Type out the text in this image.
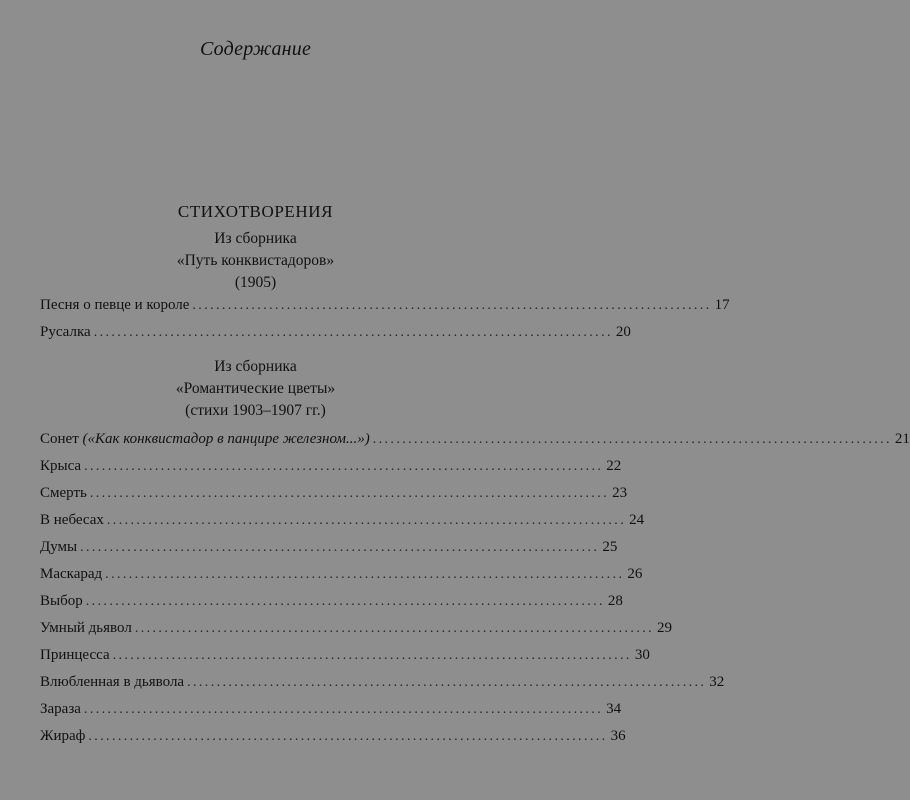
Содержание
СТИХОТВОРЕНИЯ
Из сборника
«Путь конквистадоров»
(1905)
Песня о певце и короле ........................................................................................ 17
Русалка ........................................................................................ 20
Из сборника
«Романтические цветы»
(стихи 1903–1907 гг.)
Сонет («Как конквистадор в панцире железном...») ........................................................................................ 21
Крыса ........................................................................................ 22
Смерть ........................................................................................ 23
В небесах ........................................................................................ 24
Думы ........................................................................................ 25
Маскарад ........................................................................................ 26
Выбор ........................................................................................ 28
Умный дьявол ........................................................................................ 29
Принцесса ........................................................................................ 30
Влюбленная в дьявола ........................................................................................ 32
Зараза ........................................................................................ 34
Жираф ........................................................................................ 36
